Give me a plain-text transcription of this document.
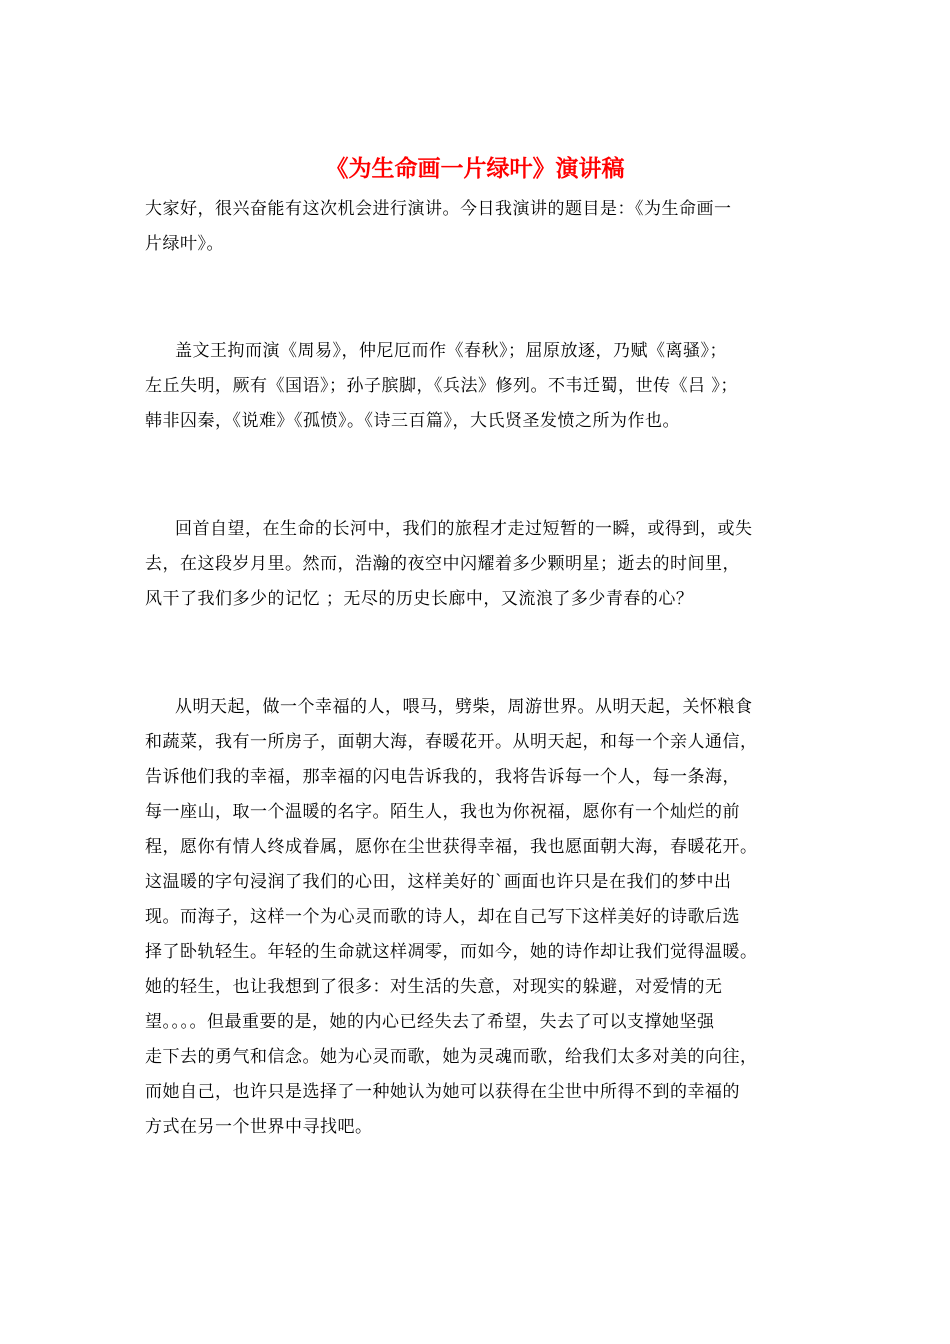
《为生命画一片绿叶》演讲稿
大家好，很兴奋能有这次机会进行演讲。今日我演讲的题目是：《为生命画一
片绿叶》。
盖文王拘而演《周易》，仲尼厄而作《春秋》；屈原放逐，乃赋《离骚》；
左丘失明，厥有《国语》；孙子膑脚，《兵法》修列。不韦迁蜀，世传《吕 》；
韩非囚秦，《说难》《孤愤》。《诗三百篇》，大氏贤圣发愤之所为作也。
回首自望，在生命的长河中，我们的旅程才走过短暂的一瞬，或得到，或失
去，在这段岁月里。然而，浩瀚的夜空中闪耀着多少颗明星；逝去的时间里，
风干了我们多少的记忆 ；无尽的历史长廊中，又流浪了多少青春的心？
从明天起，做一个幸福的人，喂马，劈柴，周游世界。从明天起，关怀粮食
和蔬菜，我有一所房子，面朝大海，春暖花开。从明天起，和每一个亲人通信，
告诉他们我的幸福，那幸福的闪电告诉我的，我将告诉每一个人，每一条海，
每一座山，取一个温暖的名字。陌生人，我也为你祝福，愿你有一个灿烂的前
程，愿你有情人终成眷属，愿你在尘世获得幸福，我也愿面朝大海，春暖花开。
这温暖的字句浸润了我们的心田，这样美好的`画面也许只是在我们的梦中出
现。而海子，这样一个为心灵而歌的诗人，却在自己写下这样美好的诗歌后选
择了卧轨轻生。年轻的生命就这样凋零，而如今，她的诗作却让我们觉得温暖。
她的轻生，也让我想到了很多：对生活的失意，对现实的躲避，对爱情的无
望。。。。但最重要的是，她的内心已经失去了希望，失去了可以支撑她坚强
走下去的勇气和信念。她为心灵而歌，她为灵魂而歌，给我们太多对美的向往，
而她自己，也许只是选择了一种她认为她可以获得在尘世中所得不到的幸福的
方式在另一个世界中寻找吧。
